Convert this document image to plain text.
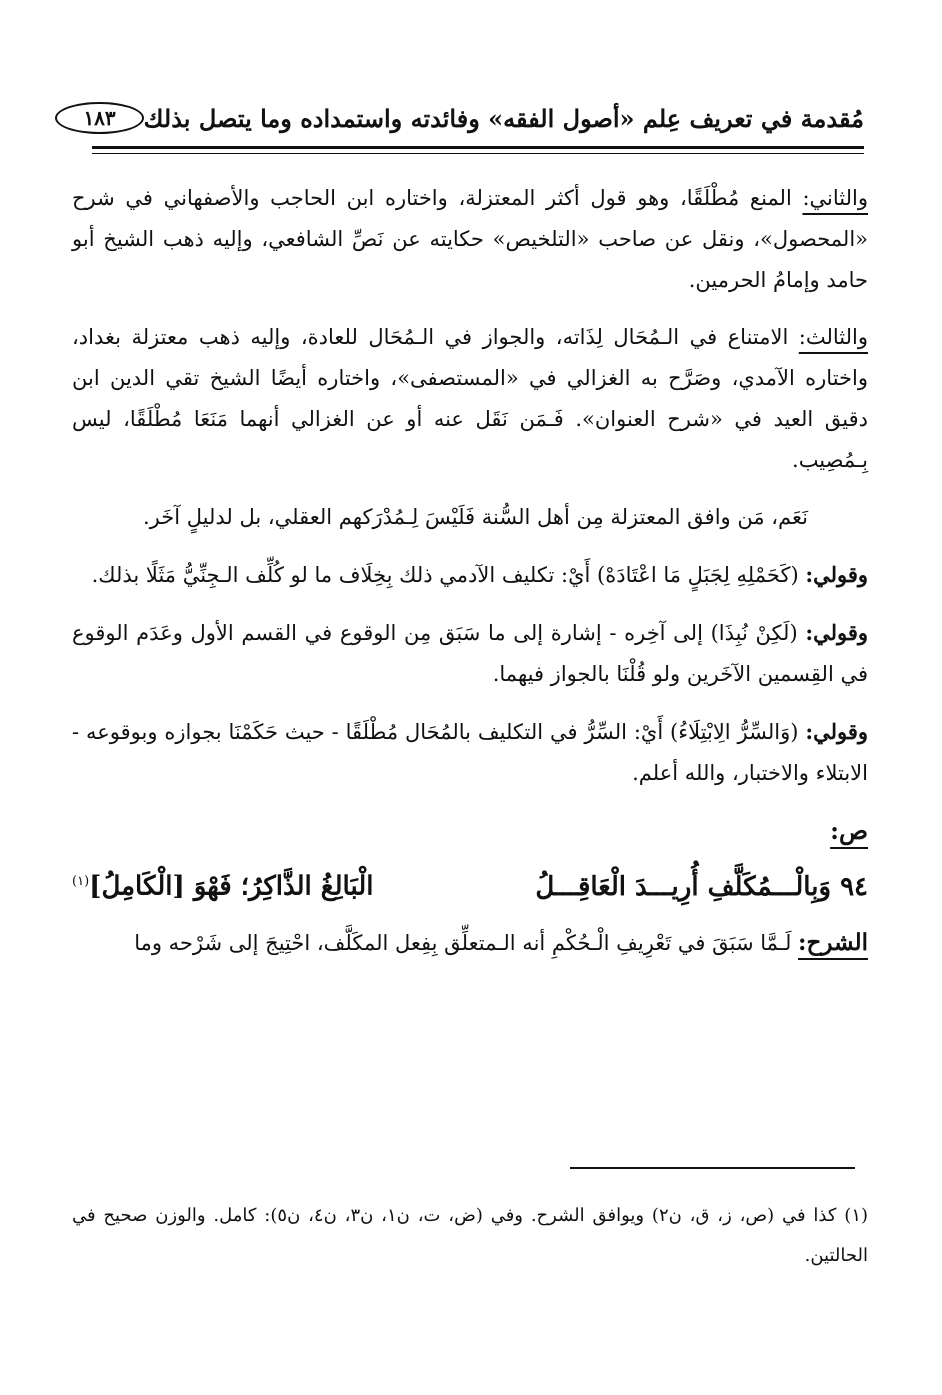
مُقدمة في تعريف عِلم «أصول الفقه» وفائدته واستمداده وما يتصل بذلك
١٨٣

والثاني: المنع مُطْلَقًا، وهو قول أكثر المعتزلة، واختاره ابن الحاجب والأصفهاني في شرح «المحصول»، ونقل عن صاحب «التلخيص» حكايته عن نَصِّ الشافعي، وإليه ذهب الشيخ أبو حامد وإمامُ الحرمين.

والثالث: الامتناع في الـمُحَال لِذَاته، والجواز في الـمُحَال للعادة، وإليه ذهب معتزلة بغداد، واختاره الآمدي، وصَرَّح به الغزالي في «المستصفى»، واختاره أيضًا الشيخ تقي الدين ابن دقيق العيد في «شرح العنوان». فَـمَن نَقَل عنه أو عن الغزالي أنهما مَنَعَا مُطْلَقًا، ليس بِـمُصِيب.

نَعَم، مَن وافق المعتزلة مِن أهل السُّنة فَلَيْسَ لِـمُدْرَكهم العقلي، بل لدليلٍ آخَر.

وقولي: (كَحَمْلِهِ لِجَبَلٍ مَا اعْتَادَهْ) أَيْ: تكليف الآدمي ذلك بِخِلَاف ما لو كُلِّف الـجِنِّيُّ مَثَلًا بذلك.

وقولي: (لَكِنْ نُبِذَا) إلى آخِره - إشارة إلى ما سَبَق مِن الوقوع في القسم الأول وعَدَم الوقوع في القِسمين الآخَرين ولو قُلْنَا بالجواز فيهما.

وقولي: (وَالسِّرُّ الِابْتِلَاءُ) أَيْ: السِّرُّ في التكليف بالمُحَال مُطْلَقًا - حيث حَكَمْنَا بجوازه وبوقوعه - الابتلاء والاختبار، والله أعلم.

ص:
٩٤ وَبِالْـــمُكَلَّفِ أُرِيـــدَ الْعَاقِـــلُ
الْبَالِغُ الذَّاكِرُ؛ فَهْوَ [الْكَامِلُ]$^{(١)}$

الشرح: لَـمَّا سَبَقَ في تَعْرِيفِ الْـحُكْمِ أنه الـمتعلِّق بِفِعل المكَلَّف، احْتِيجَ إلى شَرْحه وما

(١) كذا في (ص، ز، ق، ن٢) ويوافق الشرح. وفي (ض، ت، ن١، ن٣، ن٤، ن٥): كامل. والوزن صحيح في الحالتين.
